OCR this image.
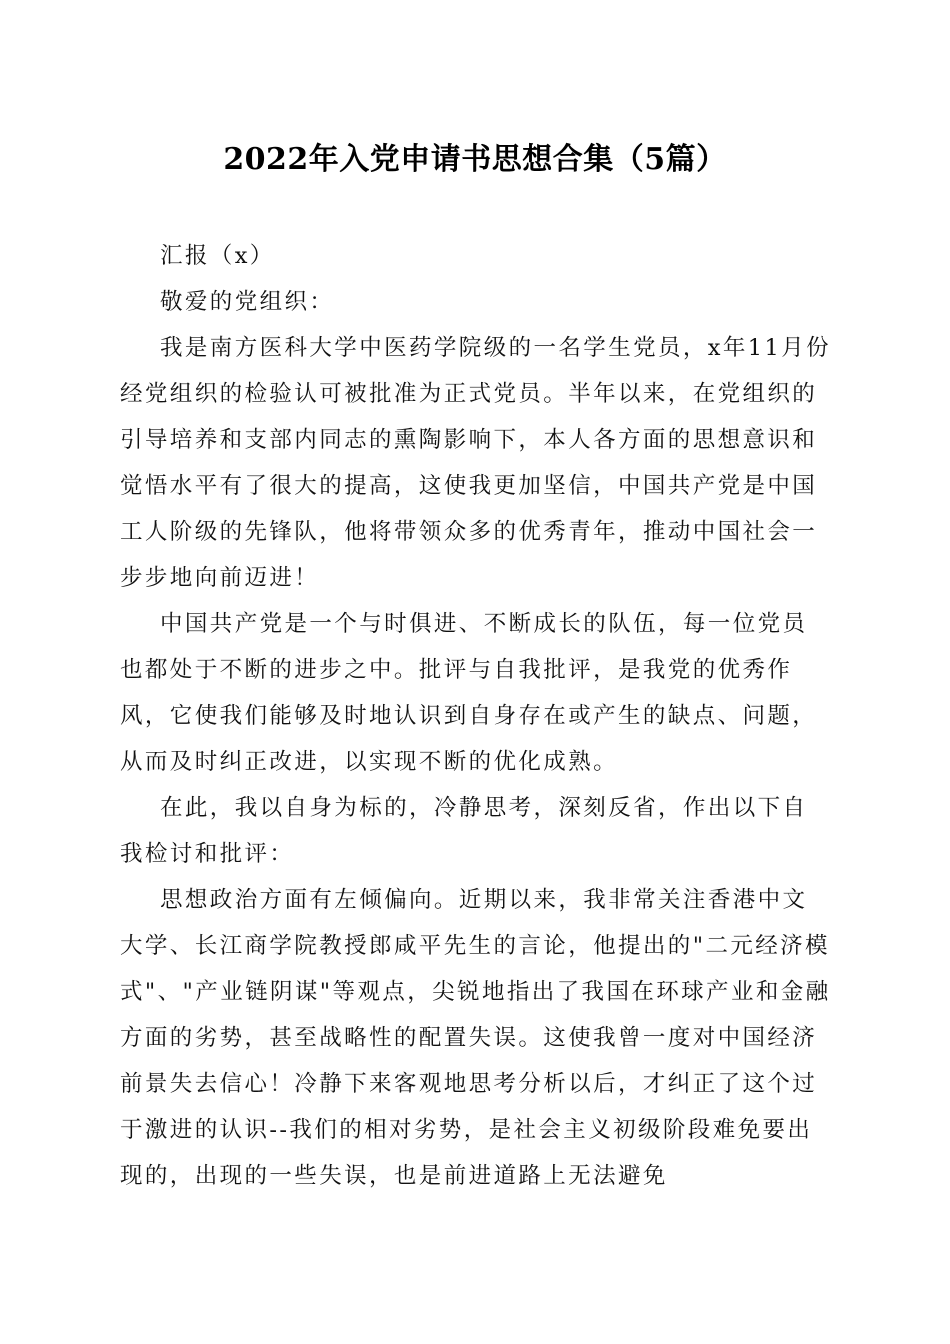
2022年入党申请书思想合集（5篇）

汇报（x）

敬爱的党组织：

我是南方医科大学中医药学院级的一名学生党员，x年11月份经党组织的检验认可被批准为正式党员。半年以来，在党组织的引导培养和支部内同志的熏陶影响下，本人各方面的思想意识和觉悟水平有了很大的提高，这使我更加坚信，中国共产党是中国工人阶级的先锋队，他将带领众多的优秀青年，推动中国社会一步步地向前迈进！

中国共产党是一个与时俱进、不断成长的队伍，每一位党员也都处于不断的进步之中。批评与自我批评，是我党的优秀作风，它使我们能够及时地认识到自身存在或产生的缺点、问题，从而及时纠正改进，以实现不断的优化成熟。

在此，我以自身为标的，冷静思考，深刻反省，作出以下自我检讨和批评：

思想政治方面有左倾偏向。近期以来，我非常关注香港中文大学、长江商学院教授郎咸平先生的言论，他提出的"二元经济模式"、"产业链阴谋"等观点，尖锐地指出了我国在环球产业和金融方面的劣势，甚至战略性的配置失误。这使我曾一度对中国经济前景失去信心！冷静下来客观地思考分析以后，才纠正了这个过于激进的认识--我们的相对劣势，是社会主义初级阶段难免要出现的，出现的一些失误，也是前进道路上无法避免
